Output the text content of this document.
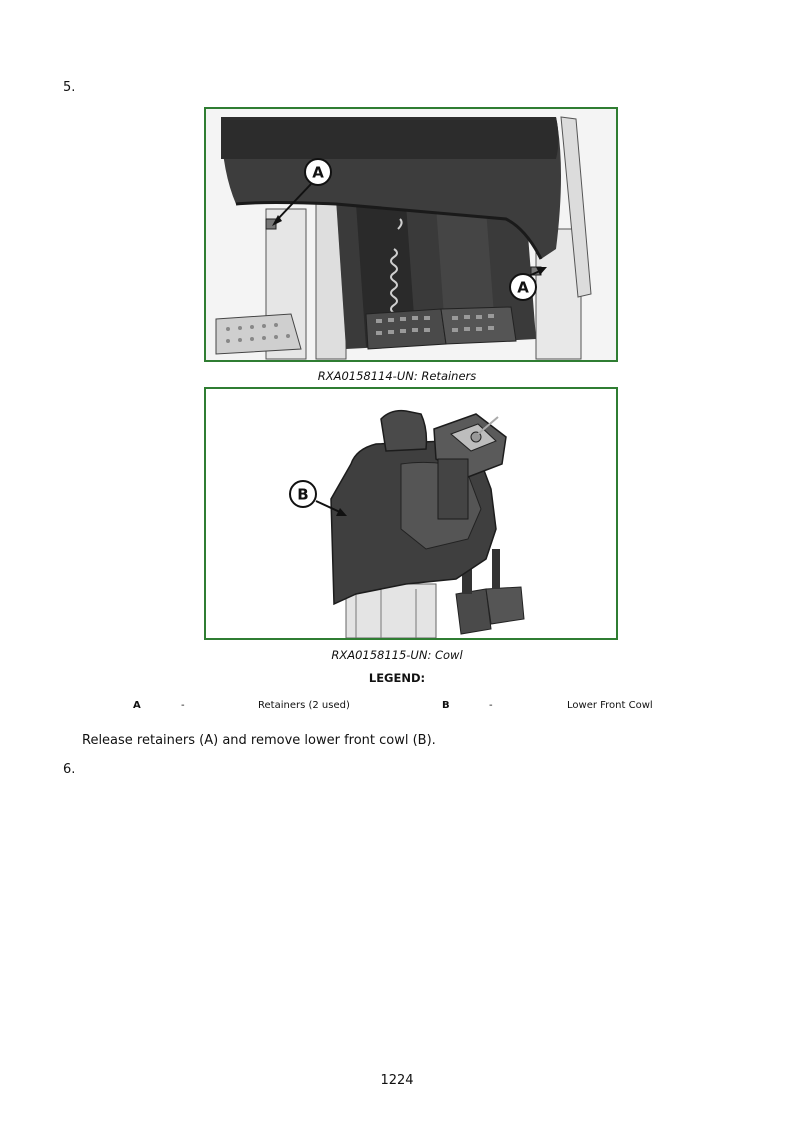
5.
A
A
RXA0158114-UN: Retainers
B
RXA0158115-UN: Cowl
LEGEND:
A	-	Retainers (2 used)	B	-	Lower Front Cowl
Release retainers (A) and remove lower front cowl (B).
6.
1224
